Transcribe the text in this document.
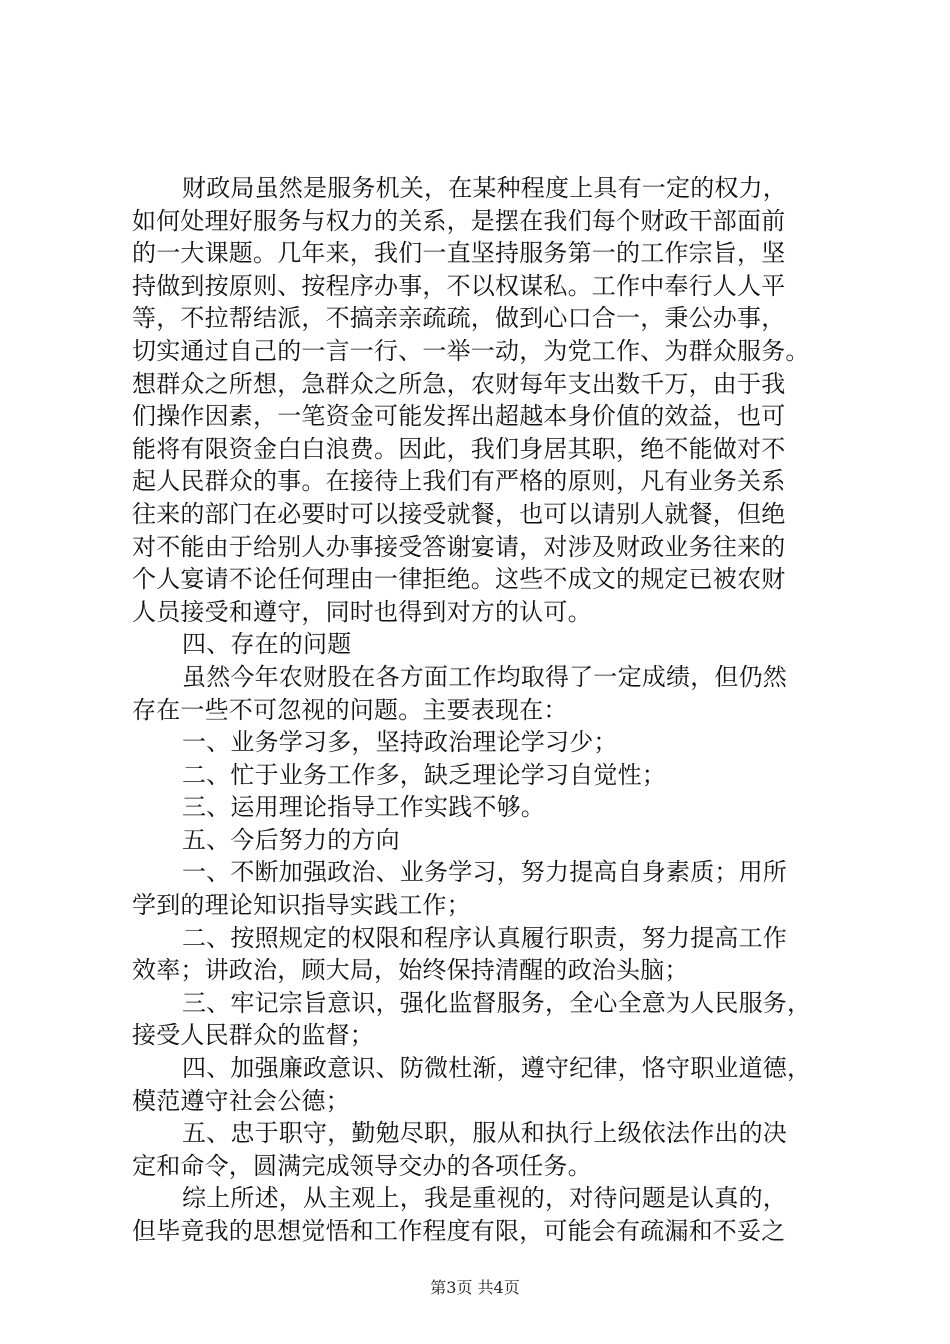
财政局虽然是服务机关，在某种程度上具有一定的权力，
如何处理好服务与权力的关系，是摆在我们每个财政干部面前
的一大课题。几年来，我们一直坚持服务第一的工作宗旨，坚
持做到按原则、按程序办事，不以权谋私。工作中奉行人人平
等，不拉帮结派，不搞亲亲疏疏，做到心口合一，秉公办事，
切实通过自己的一言一行、一举一动，为党工作、为群众服务。
想群众之所想，急群众之所急，农财每年支出数千万，由于我
们操作因素，一笔资金可能发挥出超越本身价值的效益，也可
能将有限资金白白浪费。因此，我们身居其职，绝不能做对不
起人民群众的事。在接待上我们有严格的原则，凡有业务关系
往来的部门在必要时可以接受就餐，也可以请别人就餐，但绝
对不能由于给别人办事接受答谢宴请，对涉及财政业务往来的
个人宴请不论任何理由一律拒绝。这些不成文的规定已被农财
人员接受和遵守，同时也得到对方的认可。
四、存在的问题
虽然今年农财股在各方面工作均取得了一定成绩，但仍然
存在一些不可忽视的问题。主要表现在：
一、业务学习多，坚持政治理论学习少；
二、忙于业务工作多，缺乏理论学习自觉性；
三、运用理论指导工作实践不够。
五、今后努力的方向
一、不断加强政治、业务学习，努力提高自身素质；用所
学到的理论知识指导实践工作；
二、按照规定的权限和程序认真履行职责，努力提高工作
效率；讲政治，顾大局，始终保持清醒的政治头脑；
三、牢记宗旨意识，强化监督服务，全心全意为人民服务，
接受人民群众的监督；
四、加强廉政意识、防微杜渐，遵守纪律，恪守职业道德，
模范遵守社会公德；
五、忠于职守，勤勉尽职，服从和执行上级依法作出的决
定和命令，圆满完成领导交办的各项任务。
综上所述，从主观上，我是重视的，对待问题是认真的，
但毕竟我的思想觉悟和工作程度有限，可能会有疏漏和不妥之
第3页 共4页
